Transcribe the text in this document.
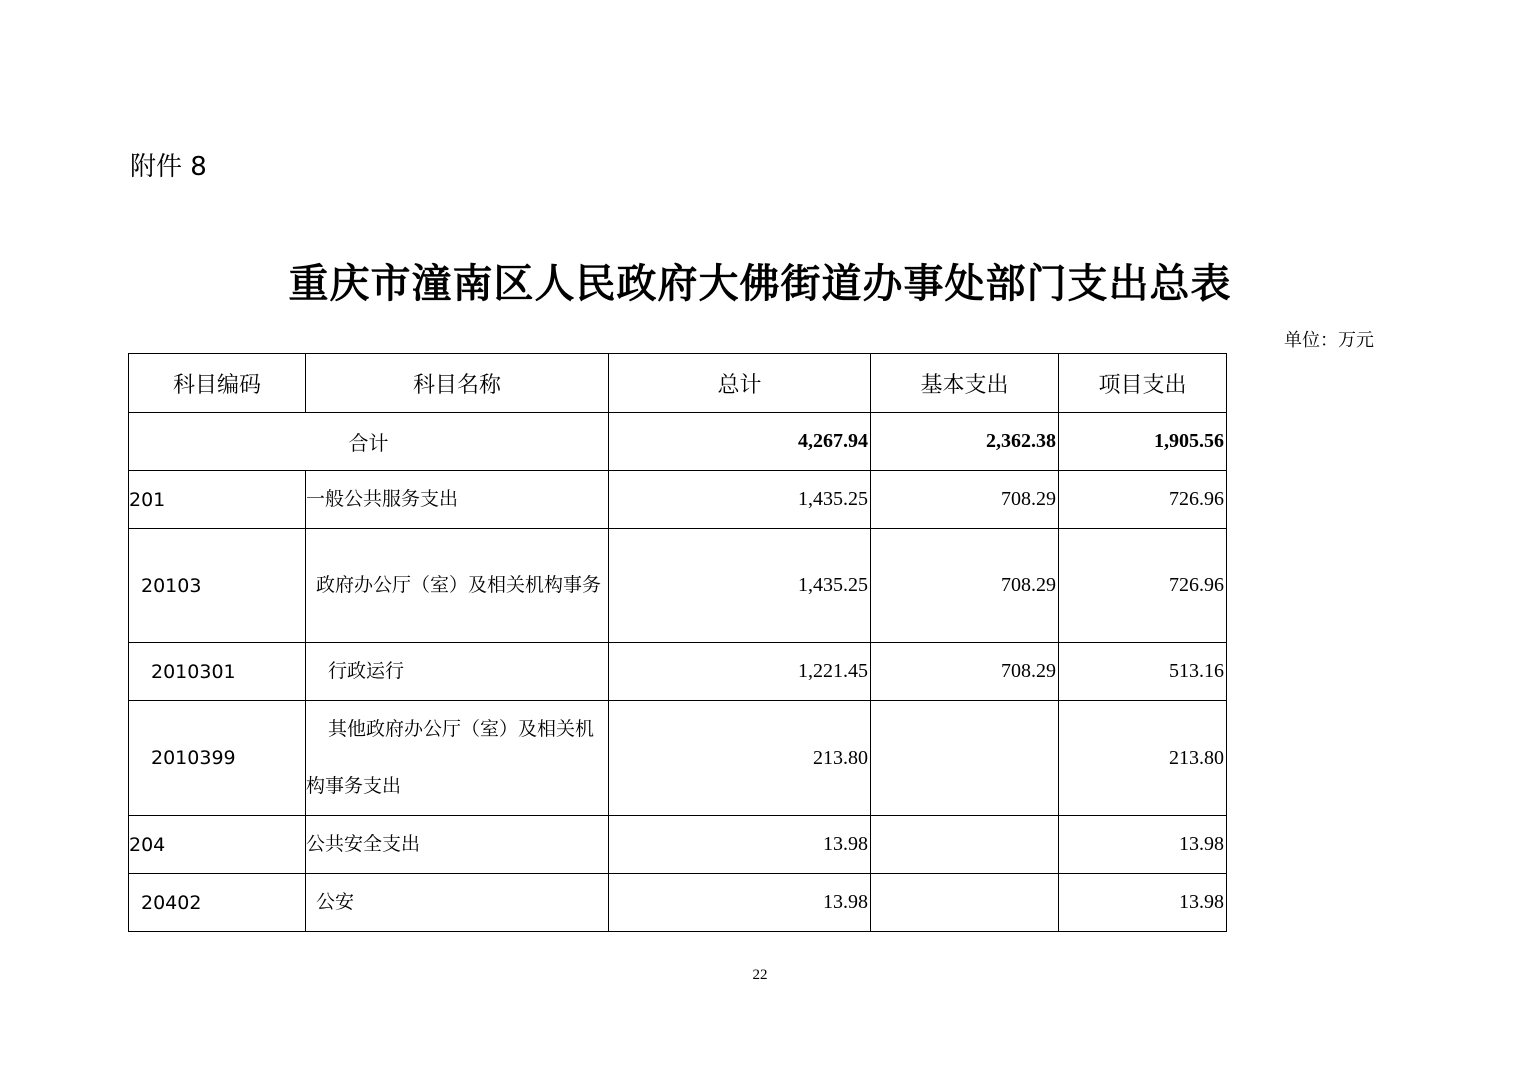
附件 8
重庆市潼南区人民政府大佛街道办事处部门支出总表
单位：万元
科目编码	科目名称	总计	基本支出	项目支出
合计		4,267.94	2,362.38	1,905.56
201	一般公共服务支出	1,435.25	708.29	726.96
20103	政府办公厅（室）及相关机构事务	1,435.25	708.29	726.96
2010301	行政运行	1,221.45	708.29	513.16
2010399	其他政府办公厅（室）及相关机构事务支出	213.80		213.80
204	公共安全支出	13.98		13.98
20402	公安	13.98		13.98
22
